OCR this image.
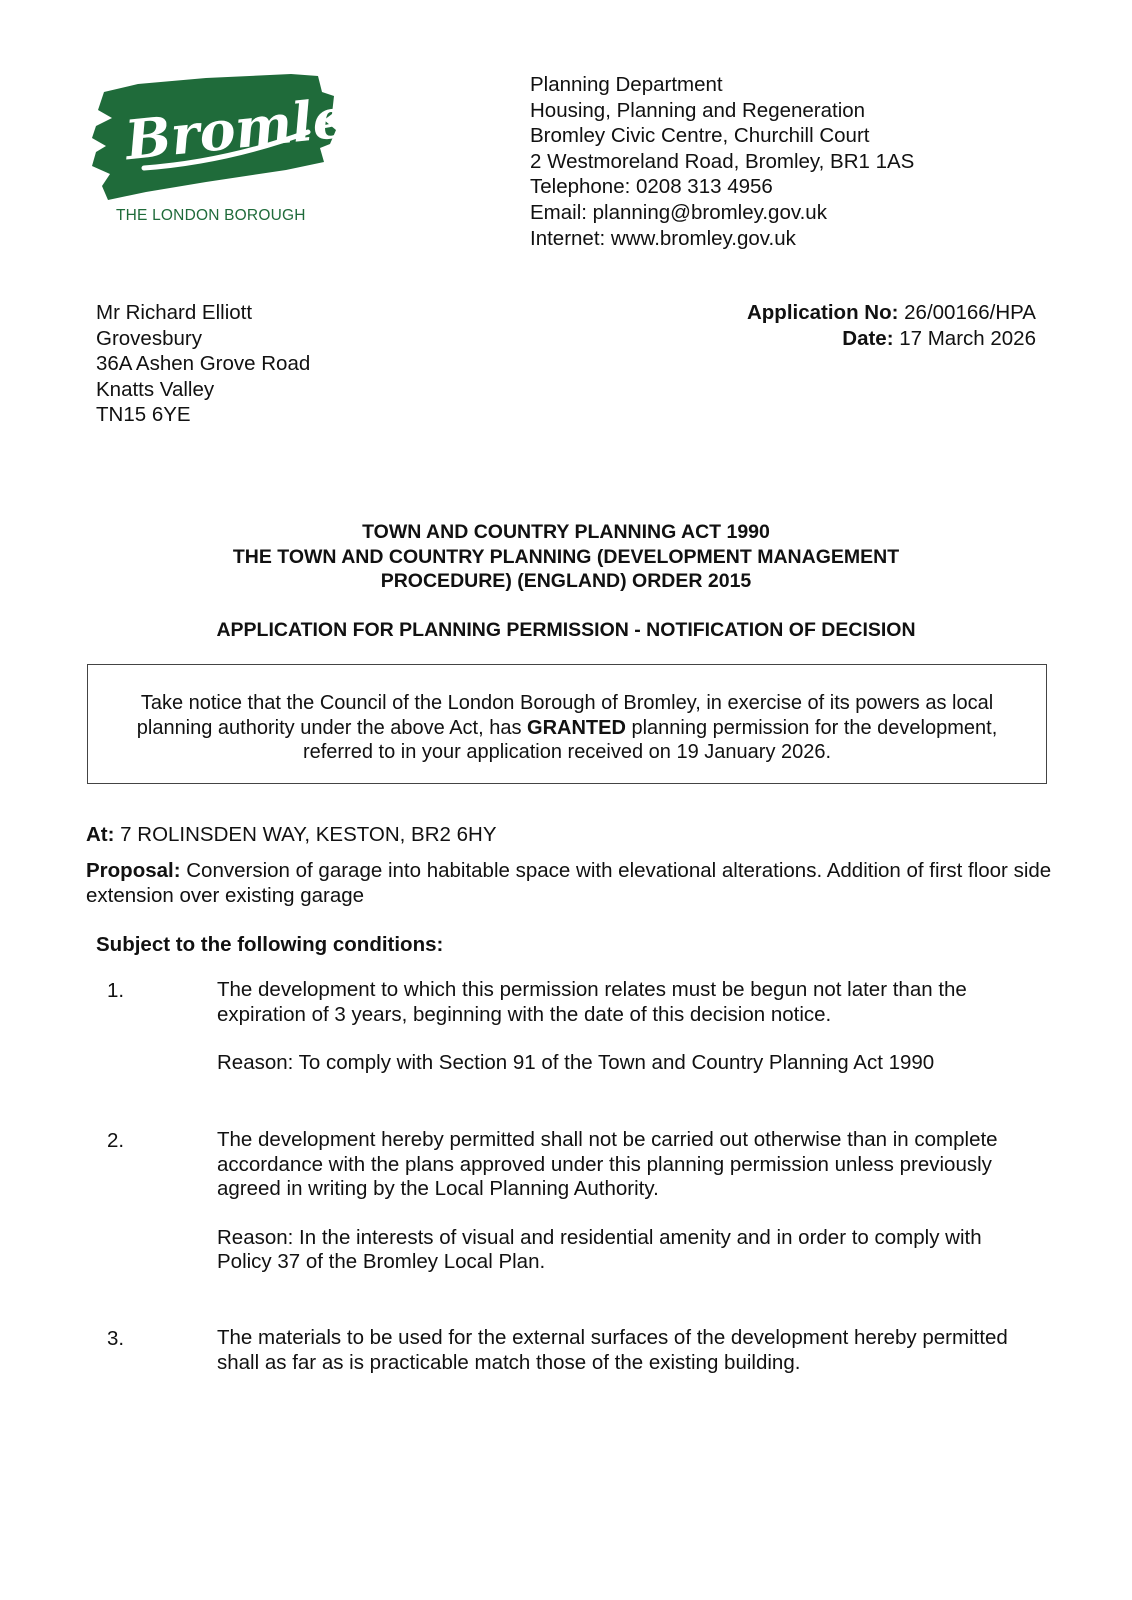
Bromley
THE LONDON BOROUGH
Planning Department
Housing, Planning and Regeneration
Bromley Civic Centre, Churchill Court
2 Westmoreland Road, Bromley, BR1 1AS
Telephone: 0208 313 4956
Email: planning@bromley.gov.uk
Internet: www.bromley.gov.uk
Mr Richard Elliott
Grovesbury
36A Ashen Grove Road
Knatts Valley
TN15 6YE
Application No: 26/00166/HPA
Date: 17 March 2026
TOWN AND COUNTRY PLANNING ACT 1990
THE TOWN AND COUNTRY PLANNING (DEVELOPMENT MANAGEMENT
PROCEDURE) (ENGLAND) ORDER 2015
APPLICATION FOR PLANNING PERMISSION - NOTIFICATION OF DECISION
Take notice that the Council of the London Borough of Bromley, in exercise of its powers as local
planning authority under the above Act, has GRANTED planning permission for the development,
referred to in your application received on 19 January 2026.
At: 7 ROLINSDEN WAY, KESTON, BR2 6HY
Proposal: Conversion of garage into habitable space with elevational alterations. Addition of first floor side extension over existing garage
Subject to the following conditions:
1.	The development to which this permission relates must be begun not later than the expiration of 3 years, beginning with the date of this decision notice.
Reason: To comply with Section 91 of the Town and Country Planning Act 1990
2.	The development hereby permitted shall not be carried out otherwise than in complete accordance with the plans approved under this planning permission unless previously agreed in writing by the Local Planning Authority.
Reason: In the interests of visual and residential amenity and in order to comply with Policy 37 of the Bromley Local Plan.
3.	The materials to be used for the external surfaces of the development hereby permitted shall as far as is practicable match those of the existing building.
